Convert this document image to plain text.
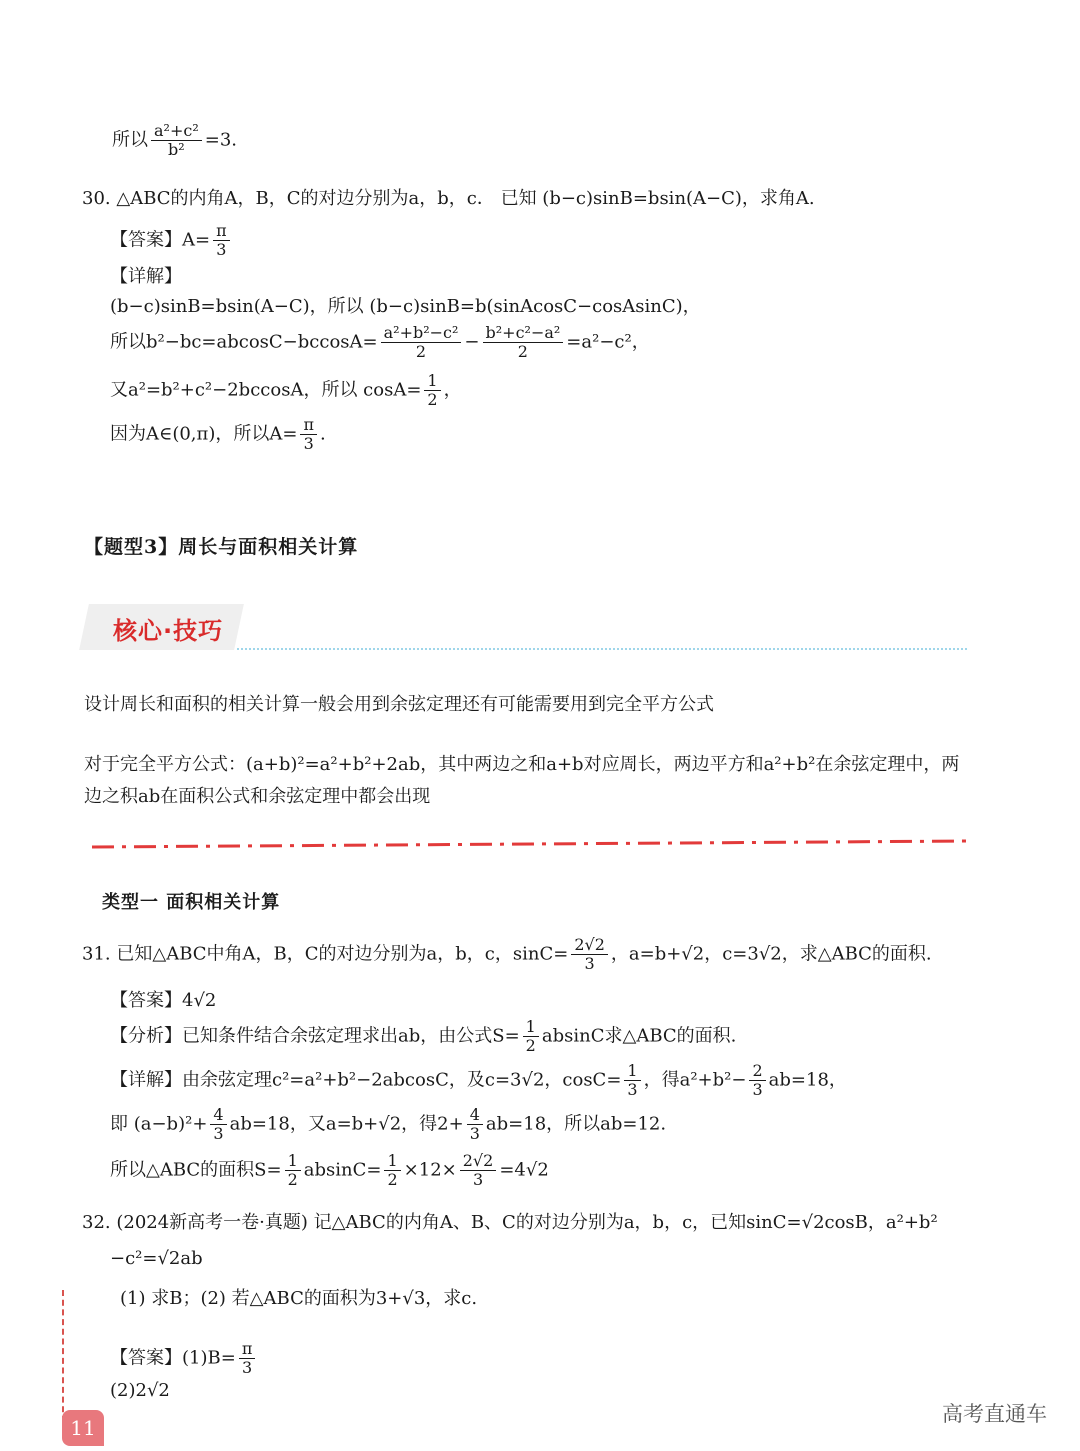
所以 $\frac{\text{a²+c²}}{\text{b²}} =3$.
30. △ABC的内角A，B，C的对边分别为a，b，c． 已知 (b−c)sinB=bsin(A−C)，求角A.
【答案】$A= \frac{\pi}{3}$
【详解】
(b−c)sinB=bsin(A−C)，所以 (b−c)sinB=b(sinAcosC−cosAsinC)，
所以$b^2-bc=abcosC-bccosA= \frac{\text{a²+b²−c²}}{2} - \frac{\text{b²+c²−a²}}{2} =a^2-c^2$，
又a²=b²+c²−2bccosA，所以 $\cos A= \frac{1}{2}$ ，
因为A∈(0,π)，所以$A= \frac{\pi}{3}$ .
【题型3】周长与面积相关计算
核心·技巧
设计周长和面积的相关计算一般会用到余弦定理还有可能需要用到完全平方公式
对于完全平方公式：(a+b)²=a²+b²+2ab，其中两边之和a+b对应周长，两边平方和a²+b²在余弦定理中，两
边之积ab在面积公式和余弦定理中都会出现
类型一 面积相关计算
31. 已知△ABC中角A，B，C的对边分别为a，b，c，$\sin C= \frac{2√2}{3}$ ，a=b+√2，c=3√2，求△ABC的面积.
【答案】4√2
【分析】已知条件结合余弦定理求出ab，由公式$S= \frac{1}{2}$ absinC求△ABC的面积.
【详解】由余弦定理c²=a²+b²−2abcosC，及c=3√2，$\cos C= \frac{1}{3}$ ，得$a^2+b^2- \frac{2}{3} ab=18$，
即 $(a-b)^2+ \frac{4}{3} ab=18$，又a=b+√2，得$2+ \frac{4}{3} ab=18$，所以ab=12.
所以△ABC的面积$S= \frac{1}{2} absinC= \frac{1}{2} \times 12\times \frac{2√2}{3} =4√2$
32. (2024新高考一卷·真题) 记△ABC的内角A、B、C的对边分别为a，b，c，已知sinC=√2cosB，a²+b²
−c²=√2ab
(1) 求B；(2) 若△ABC的面积为3+√3，求c.
【答案】$(1)B= \frac{\pi}{3}$
(2)2√2
11
高考直通车
